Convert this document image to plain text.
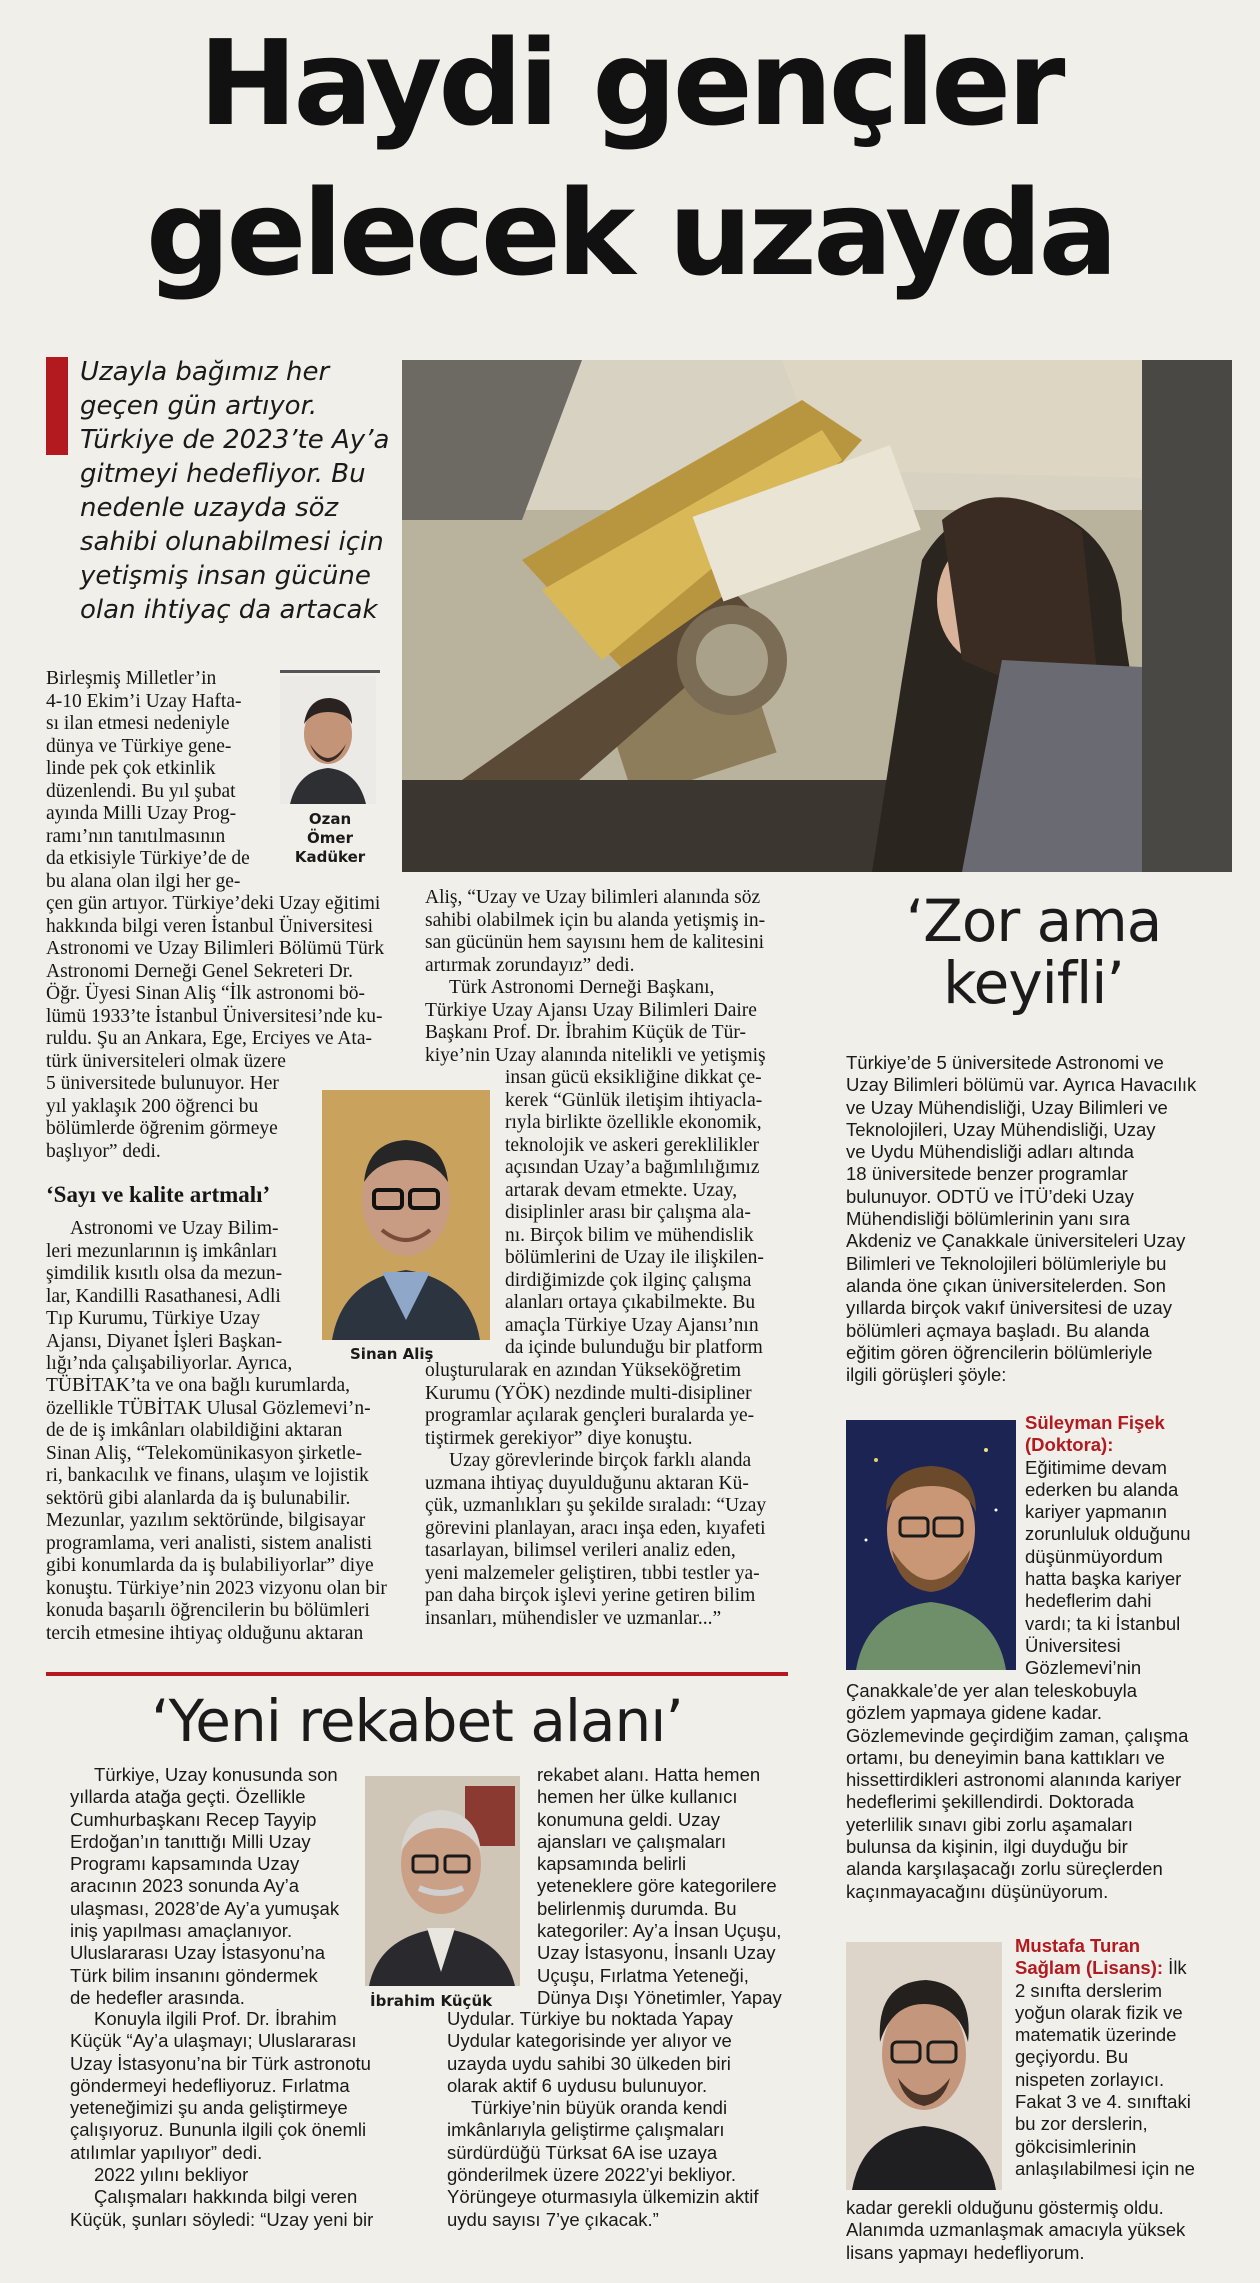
Haydi gençler
gelecek uzayda
Uzayla bağımız her geçen gün artıyor. Türkiye de 2023’te Ay’a gitmeyi hedefliyor. Bu nedenle uzayda söz sahibi olunabilmesi için yetişmiş insan gücüne olan ihtiyaç da artacak
Ozan
Ömer
Kadüker

Birleşmiş Milletler’in

4-10 Ekim’i Uzay Hafta-

sı ilan etmesi nedeniyle

dünya ve Türkiye gene-

linde pek çok etkinlik

düzenlendi. Bu yıl şubat

ayında Milli Uzay Prog-

ramı’nın tanıtılmasının

da etkisiyle Türkiye’de de

bu alana olan ilgi her ge-

çen gün artıyor. Türkiye’deki Uzay eğitimi

hakkında bilgi veren İstanbul Üniversitesi

Astronomi ve Uzay Bilimleri Bölümü Türk

Astronomi Derneği Genel Sekreteri Dr.

Öğr. Üyesi Sinan Aliş “İlk astronomi bö-

lümü 1933’te İstanbul Üniversitesi’nde ku-

ruldu. Şu an Ankara, Ege, Erciyes ve Ata-

türk üniversiteleri olmak üzere

5 üniversitede bulunuyor. Her

yıl yaklaşık 200 öğrenci bu

bölümlerde öğrenim görmeye

başlıyor” dedi.

Sinan Aliş
‘Sayı ve kalite artmalı’

Astronomi ve Uzay Bilim-

leri mezunlarının iş imkânları

şimdilik kısıtlı olsa da mezun-

lar, Kandilli Rasathanesi, Adli

Tıp Kurumu, Türkiye Uzay

Ajansı, Diyanet İşleri Başkan-

lığı’nda çalışabiliyorlar. Ayrıca,

TÜBİTAK’ta ve ona bağlı kurumlarda,

özellikle TÜBİTAK Ulusal Gözlemevi’n-

de de iş imkânları olabildiğini aktaran

Sinan Aliş, “Telekomünikasyon şirketle-

ri, bankacılık ve finans, ulaşım ve lojistik

sektörü gibi alanlarda da iş bulunabilir.

Mezunlar, yazılım sektöründe, bilgisayar

programlama, veri analisti, sistem analisti

gibi konumlarda da iş bulabiliyorlar” diye

konuştu. Türkiye’nin 2023 vizyonu olan bir

konuda başarılı öğrencilerin bu bölümleri

tercih etmesine ihtiyaç olduğunu aktaran

Aliş, “Uzay ve Uzay bilimleri alanında söz

sahibi olabilmek için bu alanda yetişmiş in-

san gücünün hem sayısını hem de kalitesini

artırmak zorundayız” dedi.

Türk Astronomi Derneği Başkanı,

Türkiye Uzay Ajansı Uzay Bilimleri Daire

Başkanı Prof. Dr. İbrahim Küçük de Tür-

kiye’nin Uzay alanında nitelikli ve yetişmiş

insan gücü eksikliğine dikkat çe-

kerek “Günlük iletişim ihtiyacla-

rıyla birlikte özellikle ekonomik,

teknolojik ve askeri gereklilikler

açısından Uzay’a bağımlılığımız

artarak devam etmekte. Uzay,

disiplinler arası bir çalışma ala-

nı. Birçok bilim ve mühendislik

bölümlerini de Uzay ile ilişkilen-

dirdiğimizde çok ilginç çalışma

alanları ortaya çıkabilmekte. Bu

amaçla Türkiye Uzay Ajansı’nın

da içinde bulunduğu bir platform

oluşturularak en azından Yükseköğretim

Kurumu (YÖK) nezdinde multi-disipliner

programlar açılarak gençleri buralarda ye-

tiştirmek gerekiyor” diye konuştu.

Uzay görevlerinde birçok farklı alanda

uzmana ihtiyaç duyulduğunu aktaran Kü-

çük, uzmanlıkları şu şekilde sıraladı: “Uzay

görevini planlayan, aracı inşa eden, kıyafeti

tasarlayan, bilimsel verileri analiz eden,

yeni malzemeler geliştiren, tıbbi testler ya-

pan daha birçok işlevi yerine getiren bilim

insanları, mühendisler ve uzmanlar...”

‘Zor ama
keyifli’
Türkiye’de 5 üniversitede Astronomi ve
Uzay Bilimleri bölümü var. Ayrıca Havacılık
ve Uzay Mühendisliği, Uzay Bilimleri ve
Teknolojileri, Uzay Mühendisliği, Uzay
ve Uydu Mühendisliği adları altında
18 üniversitede benzer programlar
bulunuyor. ODTÜ ve İTÜ’deki Uzay
Mühendisliği bölümlerinin yanı sıra
Akdeniz ve Çanakkale üniversiteleri Uzay
Bilimleri ve Teknolojileri bölümleriyle bu
alanda öne çıkan üniversitelerden. Son
yıllarda birçok vakıf üniversitesi de uzay
bölümleri açmaya başladı. Bu alanda
eğitim gören öğrencilerin bölümleriyle
ilgili görüşleri şöyle:
Süleyman Fişek
(Doktora):
Eğitimime devam
ederken bu alanda
kariyer yapmanın
zorunluluk olduğunu
düşünmüyordum
hatta başka kariyer
hedeflerim dahi
vardı; ta ki İstanbul
Üniversitesi
Gözlemevi’nin
Çanakkale’de yer alan teleskobuyla
gözlem yapmaya gidene kadar.
Gözlemevinde geçirdiğim zaman, çalışma
ortamı, bu deneyimin bana kattıkları ve
hissettirdikleri astronomi alanında kariyer
hedeflerimi şekillendirdi. Doktorada
yeterlilik sınavı gibi zorlu aşamaları
bulunsa da kişinin, ilgi duyduğu bir
alanda karşılaşacağı zorlu süreçlerden
kaçınmayacağını düşünüyorum.
Mustafa Turan
Sağlam (Lisans): İlk
2 sınıfta derslerim
yoğun olarak fizik ve
matematik üzerinde
geçiyordu. Bu
nispeten zorlayıcı.
Fakat 3 ve 4. sınıftaki
bu zor derslerin,
gökcisimlerinin
anlaşılabilmesi için ne
kadar gerekli olduğunu göstermiş oldu.
Alanımda uzmanlaşmak amacıyla yüksek
lisans yapmayı hedefliyorum.
‘Yeni rekabet alanı’
Türkiye, Uzay konusunda son
yıllarda atağa geçti. Özellikle
Cumhurbaşkanı Recep Tayyip
Erdoğan’ın tanıttığı Milli Uzay
Programı kapsamında Uzay
aracının 2023 sonunda Ay’a
ulaşması, 2028’de Ay’a yumuşak
iniş yapılması amaçlanıyor.
Uluslararası Uzay İstasyonu’na
Türk bilim insanını göndermek
de hedefler arasında.
Konuyla ilgili Prof. Dr. İbrahim
Küçük “Ay’a ulaşmayı; Uluslararası
Uzay İstasyonu’na bir Türk astronotu
göndermeyi hedefliyoruz. Fırlatma
yeteneğimizi şu anda geliştirmeye
çalışıyoruz. Bununla ilgili çok önemli
atılımlar yapılıyor” dedi.
2022 yılını bekliyor
Çalışmaları hakkında bilgi veren
Küçük, şunları söyledi: “Uzay yeni bir
İbrahim Küçük
rekabet alanı. Hatta hemen
hemen her ülke kullanıcı
konumuna geldi. Uzay
ajansları ve çalışmaları
kapsamında belirli
yeteneklere göre kategorilere
belirlenmiş durumda. Bu
kategoriler: Ay’a İnsan Uçuşu,
Uzay İstasyonu, İnsanlı Uzay
Uçuşu, Fırlatma Yeteneği,
Dünya Dışı Yönetimler, Yapay
Uydular. Türkiye bu noktada Yapay
Uydular kategorisinde yer alıyor ve
uzayda uydu sahibi 30 ülkeden biri
olarak aktif 6 uydusu bulunuyor.
Türkiye’nin büyük oranda kendi
imkânlarıyla geliştirme çalışmaları
sürdürdüğü Türksat 6A ise uzaya
gönderilmek üzere 2022’yi bekliyor.
Yörüngeye oturmasıyla ülkemizin aktif
uydu sayısı 7’ye çıkacak.”
